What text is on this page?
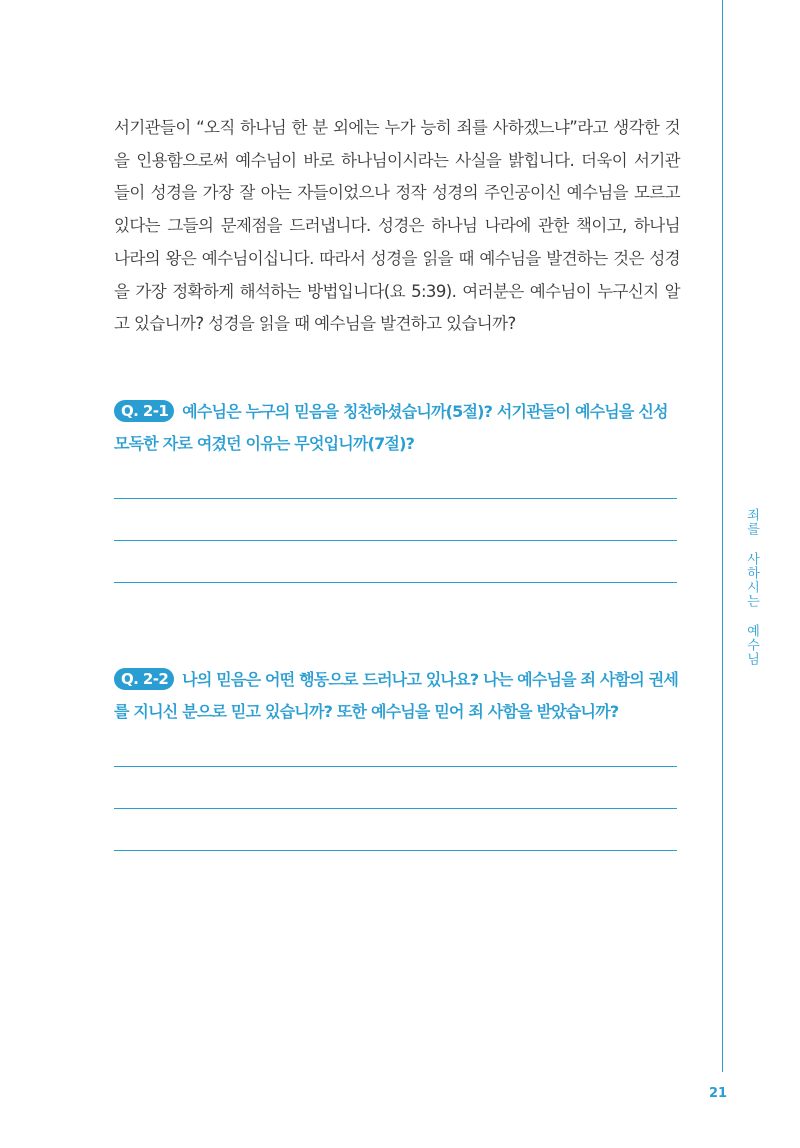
서기관들이 “오직 하나님 한 분 외에는 누가 능히 죄를 사하겠느냐”라고 생각한 것
을 인용함으로써 예수님이 바로 하나님이시라는 사실을 밝힙니다. 더욱이 서기관
들이 성경을 가장 잘 아는 자들이었으나 정작 성경의 주인공이신 예수님을 모르고
있다는 그들의 문제점을 드러냅니다. 성경은 하나님 나라에 관한 책이고, 하나님
나라의 왕은 예수님이십니다. 따라서 성경을 읽을 때 예수님을 발견하는 것은 성경
을 가장 정확하게 해석하는 방법입니다(요 5:39). 여러분은 예수님이 누구신지 알
고 있습니까? 성경을 읽을 때 예수님을 발견하고 있습니까?
Q. 2-1 예수님은 누구의 믿음을 칭찬하셨습니까(5절)? 서기관들이 예수님을 신성
모독한 자로 여겼던 이유는 무엇입니까(7절)?
Q. 2-2 나의 믿음은 어떤 행동으로 드러나고 있나요? 나는 예수님을 죄 사함의 권세
를 지니신 분으로 믿고 있습니까? 또한 예수님을 믿어 죄 사함을 받았습니까?
죄를 사하시는 예수님
21
